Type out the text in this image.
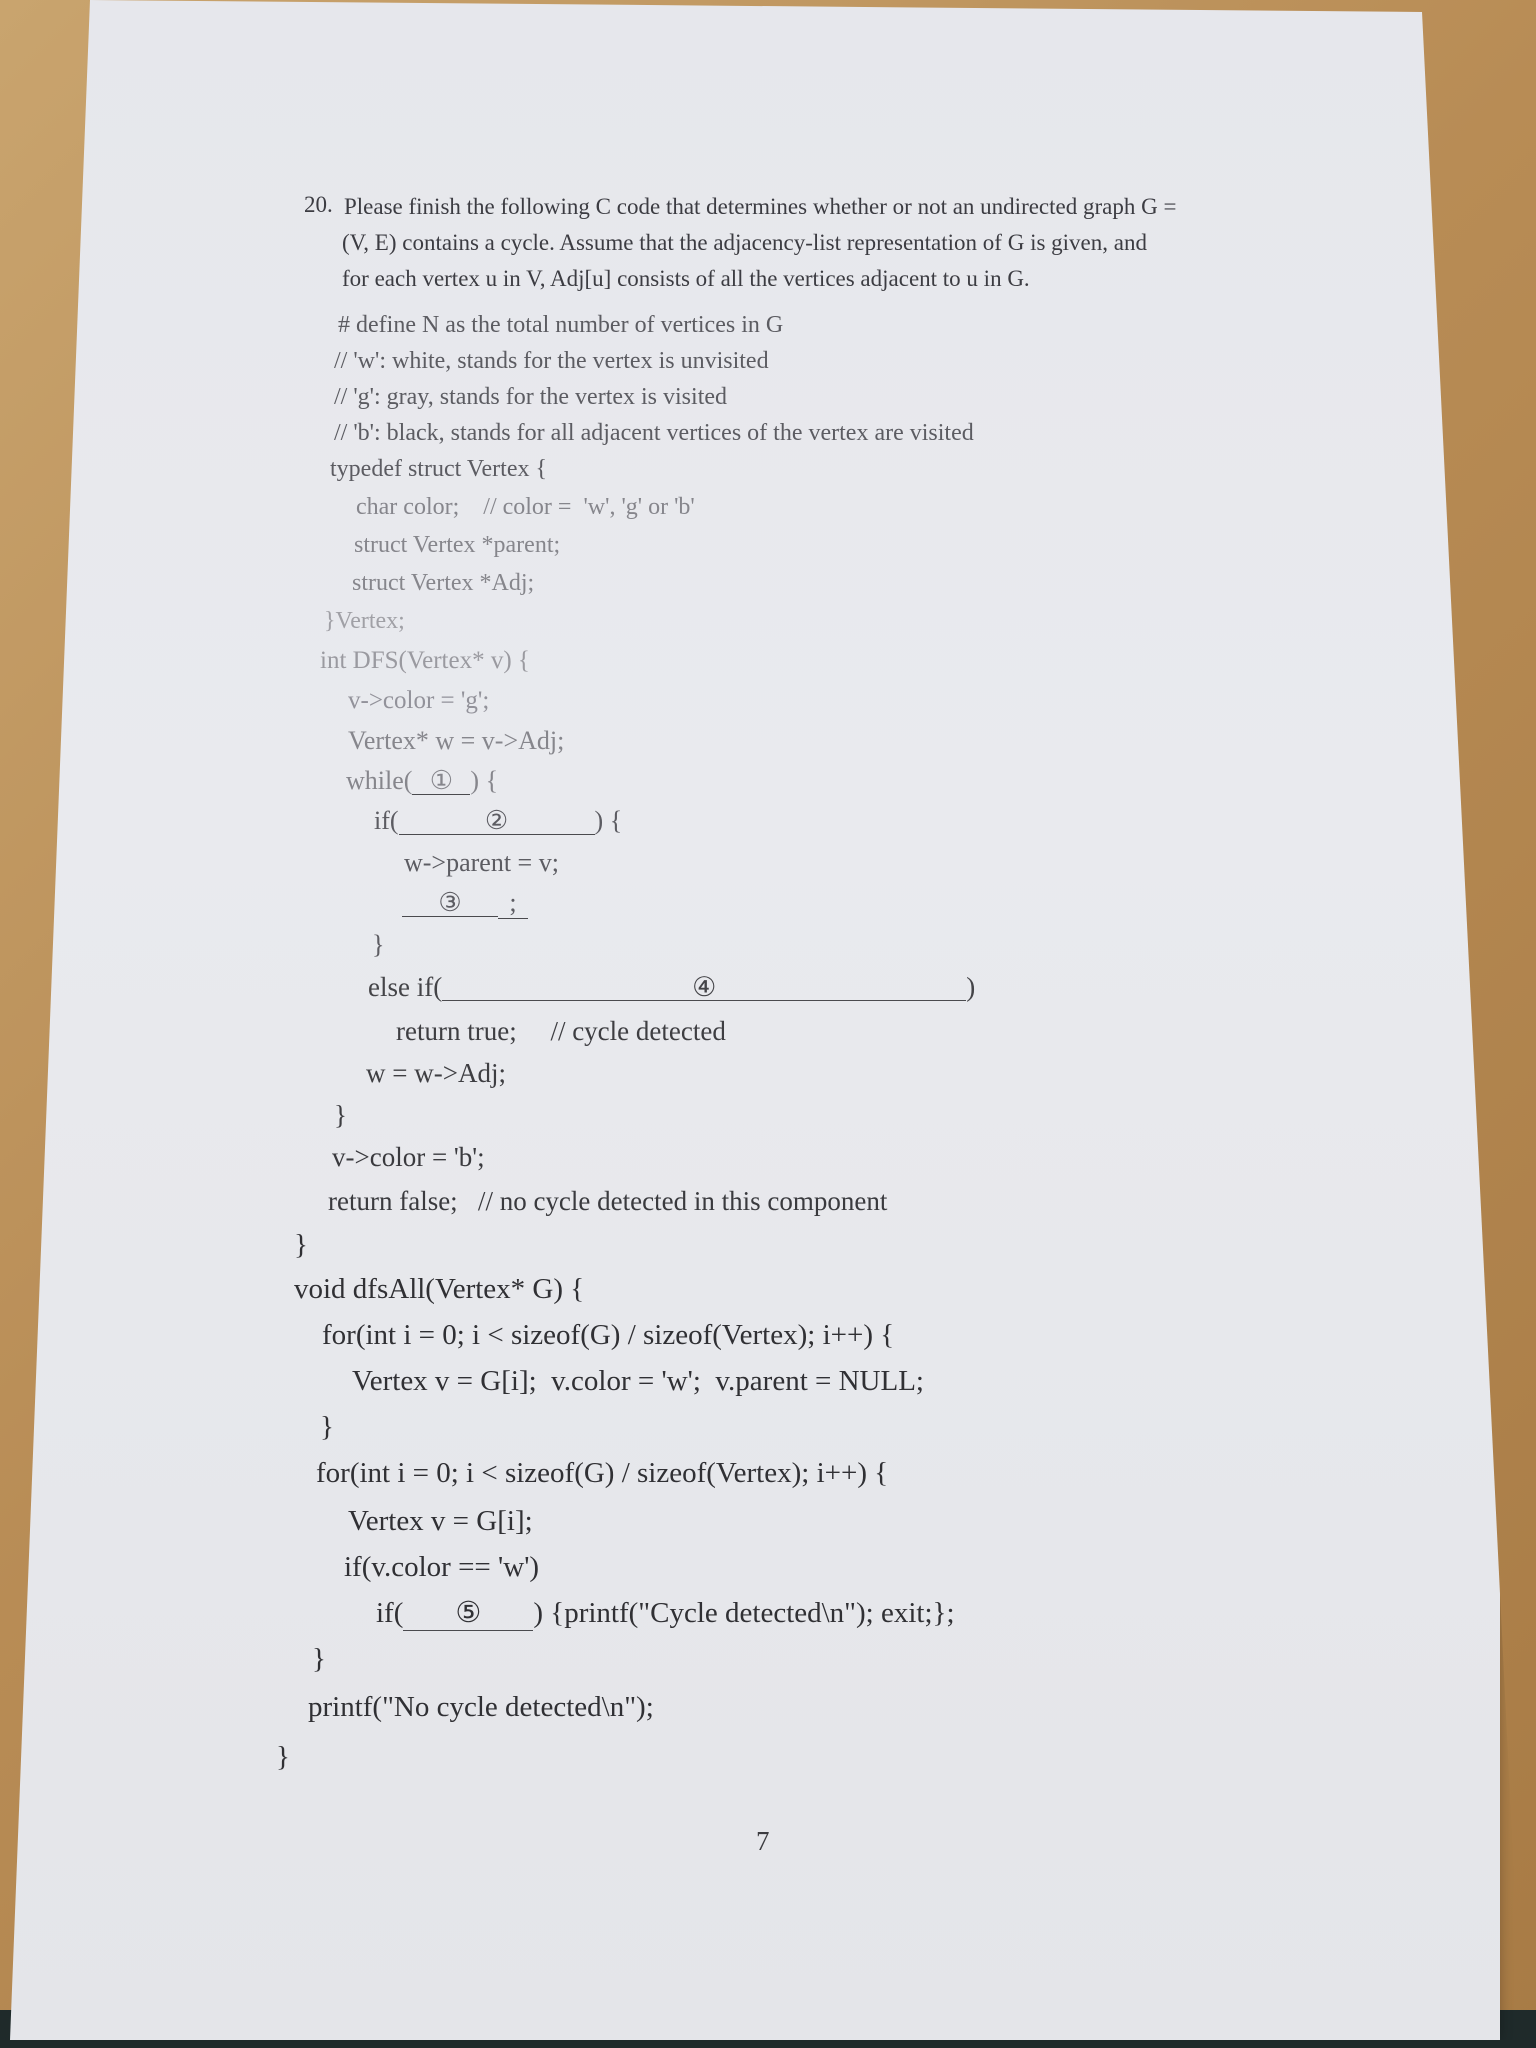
20. Please finish the following C code that determines whether or not an undirected graph G =
(V, E) contains a cycle. Assume that the adjacency-list representation of G is given, and
for each vertex u in V, Adj[u] consists of all the vertices adjacent to u in G.
# define N as the total number of vertices in G
// 'w': white, stands for the vertex is unvisited
// 'g': gray, stands for the vertex is visited
// 'b': black, stands for all adjacent vertices of the vertex are visited
typedef struct Vertex {
char color;    // color =  'w', 'g' or 'b'
struct Vertex *parent;
struct Vertex *Adj;
}Vertex;
int DFS(Vertex* v) {
v->color = 'g';
Vertex* w = v->Adj;
while( ① ) {
if(	②	) {
w->parent = v;
③ ;
}
else if(	④	)
return true;     // cycle detected
w = w->Adj;
}
v->color = 'b';
return false;   // no cycle detected in this component
}
void dfsAll(Vertex* G) {
for(int i = 0; i < sizeof(G) / sizeof(Vertex); i++) {
Vertex v = G[i];  v.color = 'w';  v.parent = NULL;
}
for(int i = 0; i < sizeof(G) / sizeof(Vertex); i++) {
Vertex v = G[i];
if(v.color == 'w')
if( ⑤ ) {printf("Cycle detected\n"); exit;};
}
printf("No cycle detected\n");
}
7
